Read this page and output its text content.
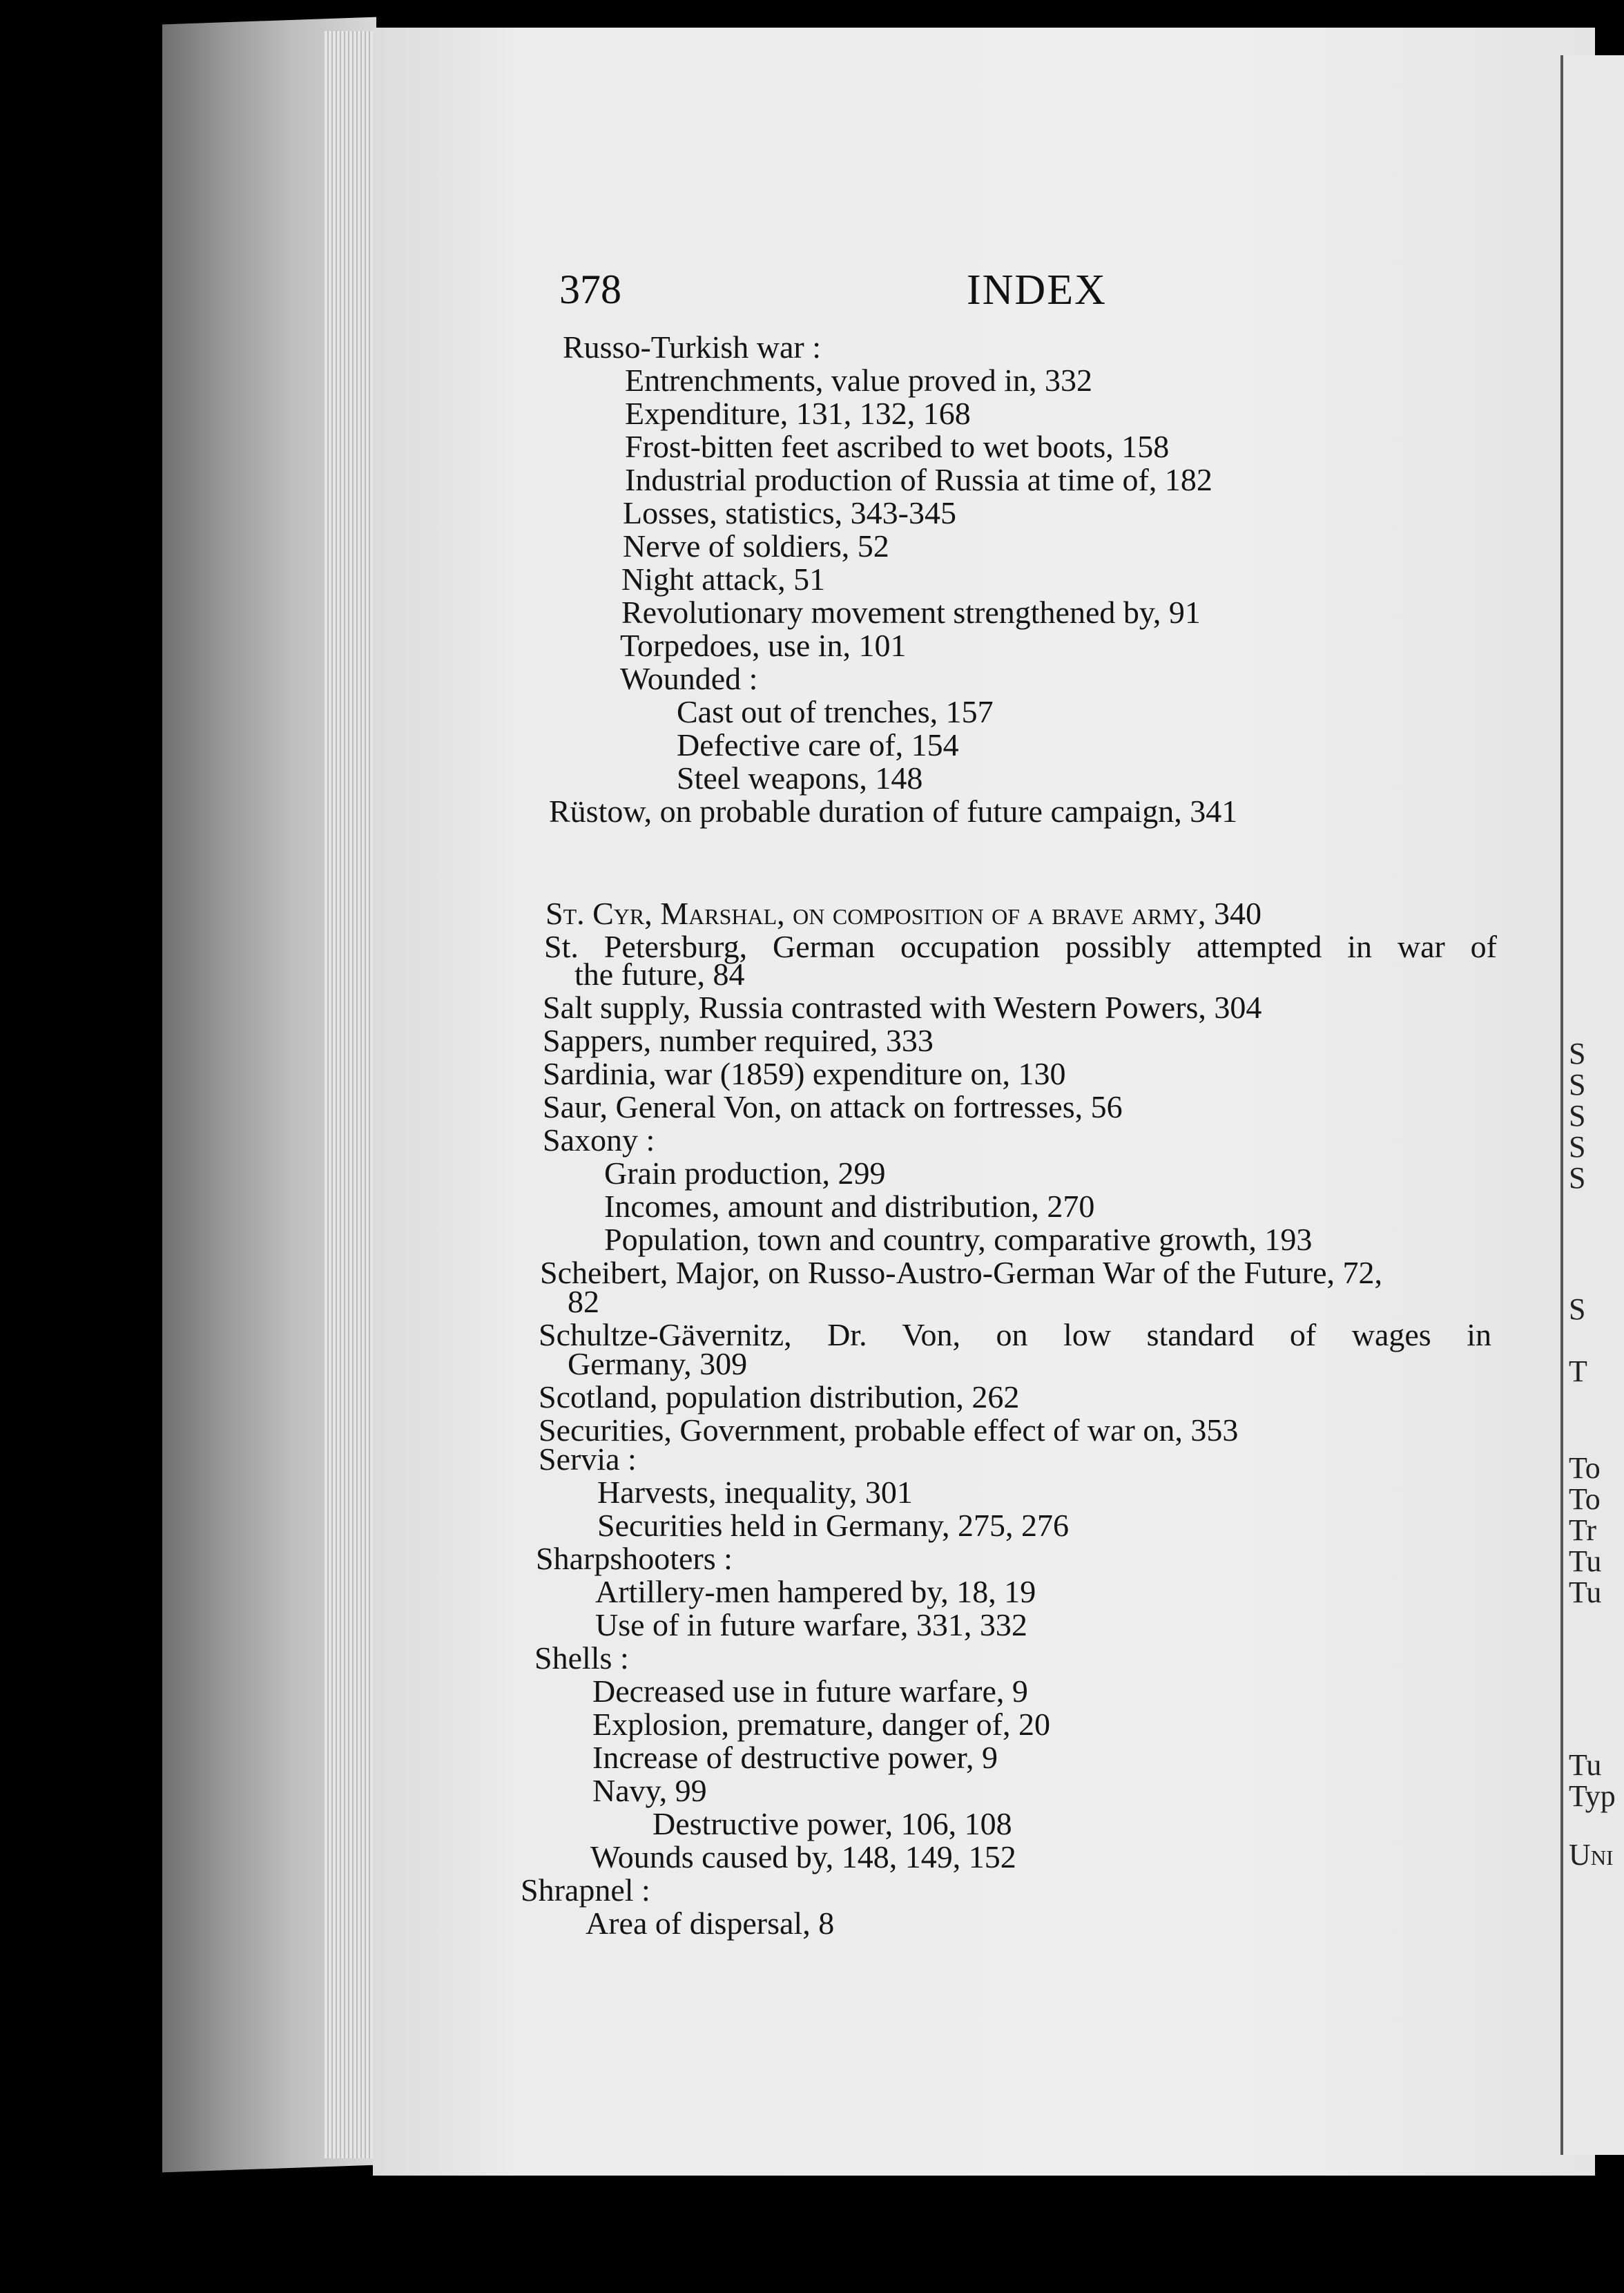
378	INDEX
Russo-Turkish war :
Entrenchments, value proved in, 332
Expenditure, 131, 132, 168
Frost-bitten feet ascribed to wet boots, 158
Industrial production of Russia at time of, 182
Losses, statistics, 343-345
Nerve of soldiers, 52
Night attack, 51
Revolutionary movement strengthened by, 91
Torpedoes, use in, 101
Wounded :
Cast out of trenches, 157
Defective care of, 154
Steel weapons, 148
Rüstow, on probable duration of future campaign, 341
St. Cyr, Marshal, on composition of a brave army, 340
St. Petersburg, German occupation possibly attempted in war of
the future, 84
Salt supply, Russia contrasted with Western Powers, 304
Sappers, number required, 333
Sardinia, war (1859) expenditure on, 130
Saur, General Von, on attack on fortresses, 56
Saxony :
Grain production, 299
Incomes, amount and distribution, 270
Population, town and country, comparative growth, 193
Scheibert, Major, on Russo-Austro-German War of the Future, 72,
82
Schultze-Gävernitz, Dr. Von, on low standard of wages in
Germany, 309
Scotland, population distribution, 262
Securities, Government, probable effect of war on, 353
Servia :
Harvests, inequality, 301
Securities held in Germany, 275, 276
Sharpshooters :
Artillery-men hampered by, 18, 19
Use of in future warfare, 331, 332
Shells :
Decreased use in future warfare, 9
Explosion, premature, danger of, 20
Increase of destructive power, 9
Navy, 99
Destructive power, 106, 108
Wounds caused by, 148, 149, 152
Shrapnel :
Area of dispersal, 8
S
S
S
S
S
S
T
To
To
Tr
Tu
Tu
Tu
Typ
Uni
